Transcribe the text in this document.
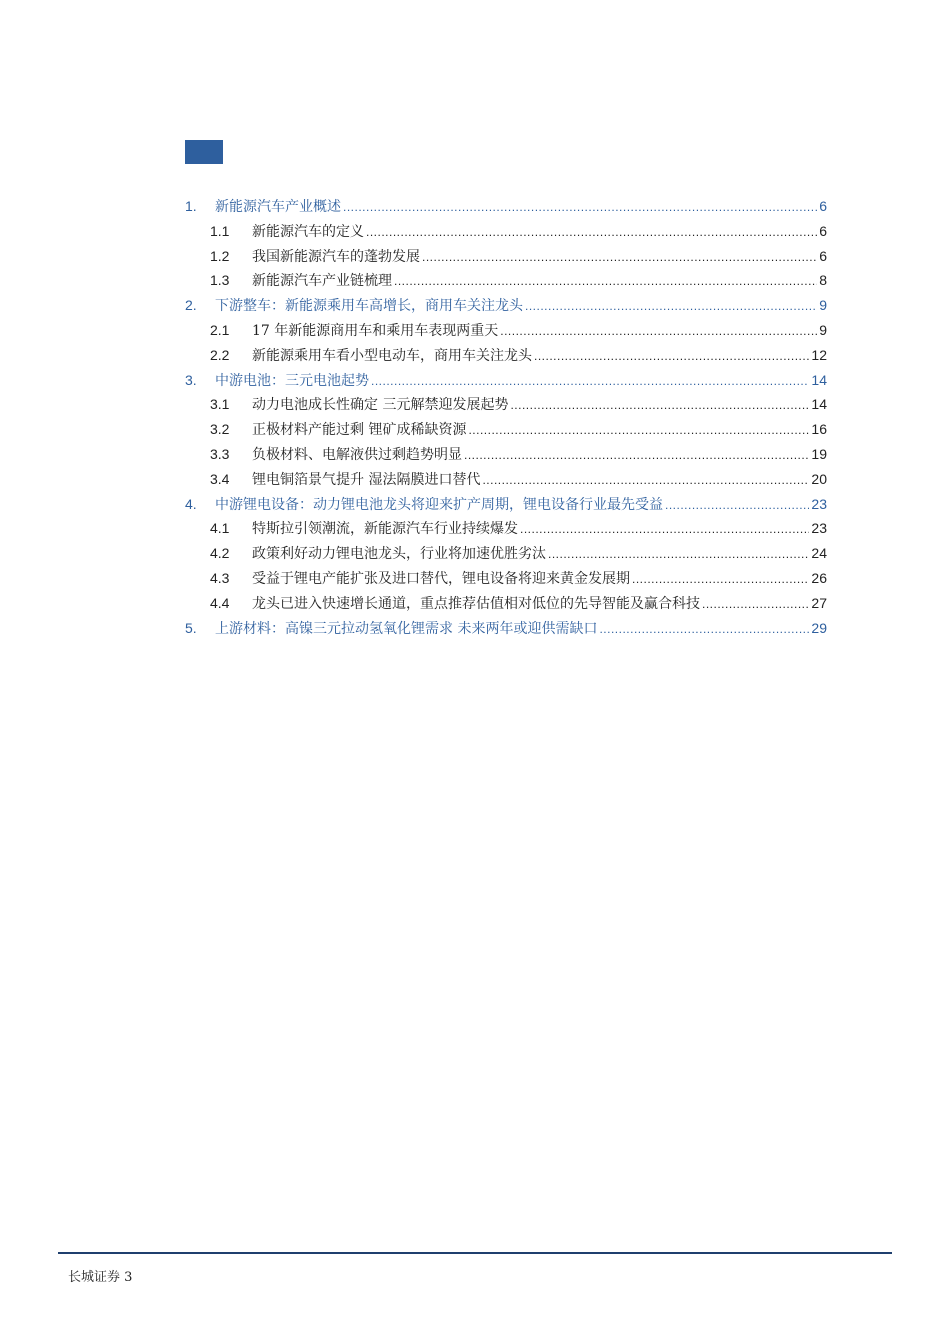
1.	新能源汽车产业概述 .....	6
1.1	新能源汽车的定义 .....	6
1.2	我国新能源汽车的蓬勃发展 .....	6
1.3	新能源汽车产业链梳理 .....	8
2.	下游整车：新能源乘用车高增长，商用车关注龙头 .....	9
2.1	17 年新能源商用车和乘用车表现两重天 .....	9
2.2	新能源乘用车看小型电动车，商用车关注龙头 .....	12
3.	中游电池：三元电池起势 .....	14
3.1	动力电池成长性确定 三元解禁迎发展起势 .....	14
3.2	正极材料产能过剩 锂矿成稀缺资源 .....	16
3.3	负极材料、电解液供过剩趋势明显 .....	19
3.4	锂电铜箔景气提升 湿法隔膜进口替代 .....	20
4.	中游锂电设备：动力锂电池龙头将迎来扩产周期，锂电设备行业最先受益 .....	23
4.1	特斯拉引领潮流，新能源汽车行业持续爆发 .....	23
4.2	政策利好动力锂电池龙头，行业将加速优胜劣汰 .....	24
4.3	受益于锂电产能扩张及进口替代，锂电设备将迎来黄金发展期 .....	26
4.4	龙头已进入快速增长通道，重点推荐估值相对低位的先导智能及赢合科技 .....	27
5.	上游材料：高镍三元拉动氢氧化锂需求 未来两年或迎供需缺口 .....	29
长城证券 3
